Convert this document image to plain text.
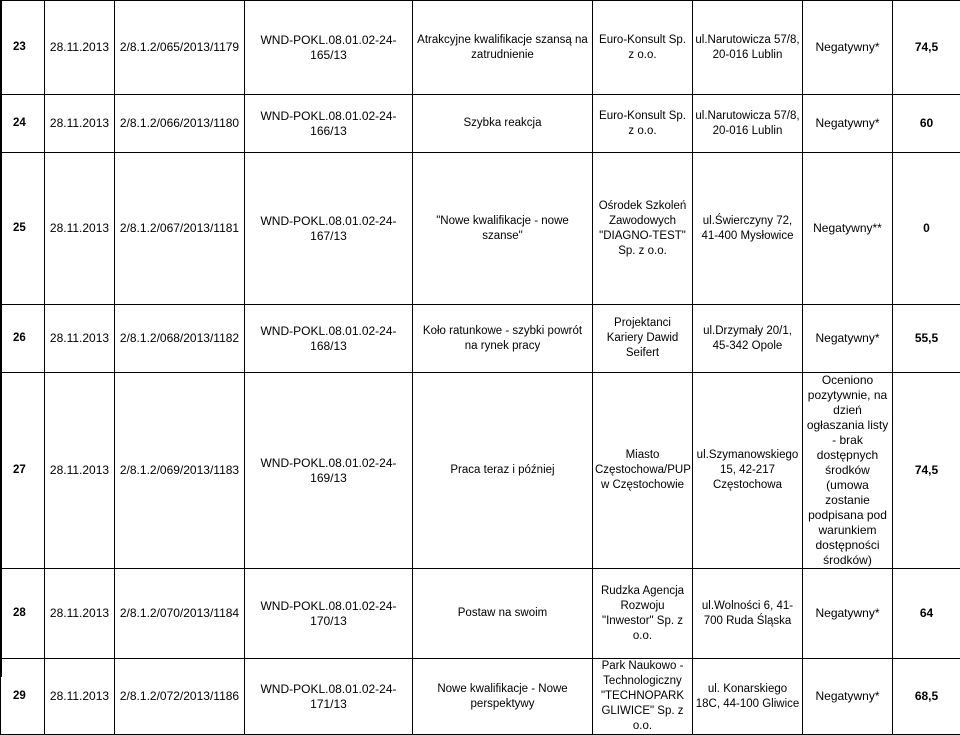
23	28.11.2013	2/8.1.2/065/2013/1179	WND-POKL.08.01.02-24-165/13	Atrakcyjne kwalifikacje szansą na zatrudnienie	Euro-Konsult Sp. z o.o.	ul.Narutowicza 57/8, 20-016 Lublin	Negatywny*	74,5
24	28.11.2013	2/8.1.2/066/2013/1180	WND-POKL.08.01.02-24-166/13	Szybka reakcja	Euro-Konsult Sp. z o.o.	ul.Narutowicza 57/8, 20-016 Lublin	Negatywny*	60
25	28.11.2013	2/8.1.2/067/2013/1181	WND-POKL.08.01.02-24-167/13	"Nowe kwalifikacje - nowe szanse"	Ośrodek Szkoleń Zawodowych "DIAGNO-TEST" Sp. z o.o.	ul.Świerczyny 72, 41-400 Mysłowice	Negatywny**	0
26	28.11.2013	2/8.1.2/068/2013/1182	WND-POKL.08.01.02-24-168/13	Koło ratunkowe - szybki powrót na rynek pracy	Projektanci Kariery Dawid Seifert	ul.Drzymały 20/1, 45-342 Opole	Negatywny*	55,5
27	28.11.2013	2/8.1.2/069/2013/1183	WND-POKL.08.01.02-24-169/13	Praca teraz i później	Miasto Częstochowa/PUP w Częstochowie	ul.Szymanowskiego 15, 42-217 Częstochowa	Oceniono pozytywnie, na dzień ogłaszania listy - brak dostępnych środków (umowa zostanie podpisana pod warunkiem dostępności środków)	74,5
28	28.11.2013	2/8.1.2/070/2013/1184	WND-POKL.08.01.02-24-170/13	Postaw na swoim	Rudzka Agencja Rozwoju "Inwestor" Sp. z o.o.	ul.Wolności 6, 41-700 Ruda Śląska	Negatywny*	64
29	28.11.2013	2/8.1.2/072/2013/1186	WND-POKL.08.01.02-24-171/13	Nowe kwalifikacje - Nowe perspektywy	Park Naukowo - Technologiczny "TECHNOPARK GLIWICE" Sp. z o.o.	ul. Konarskiego 18C, 44-100 Gliwice	Negatywny*	68,5
